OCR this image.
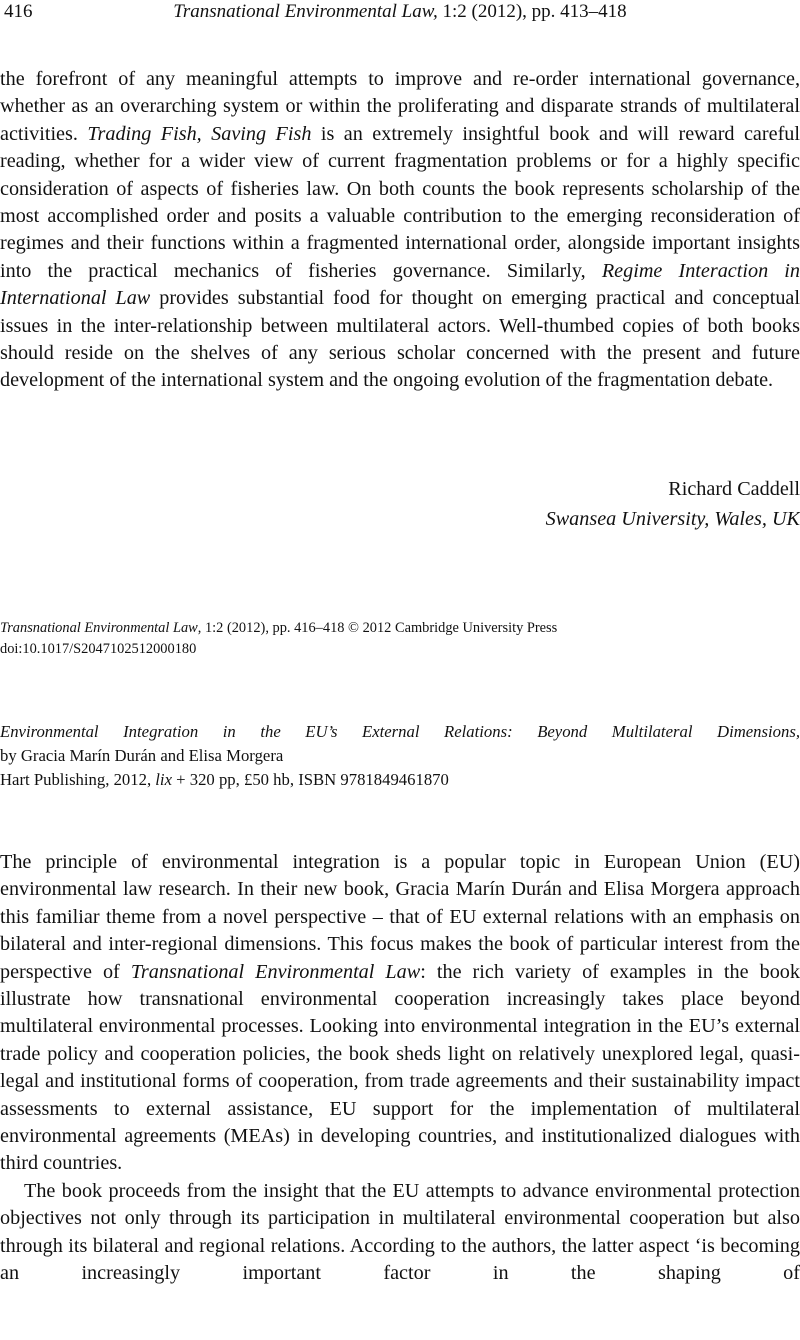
416	Transnational Environmental Law, 1:2 (2012), pp. 413–418

the forefront of any meaningful attempts to improve and re-order international governance, whether as an overarching system or within the proliferating and disparate strands of multilateral activities. Trading Fish, Saving Fish is an extremely insightful book and will reward careful reading, whether for a wider view of current fragmentation problems or for a highly specific consideration of aspects of fisheries law. On both counts the book represents scholarship of the most accomplished order and posits a valuable contribution to the emerging reconsideration of regimes and their functions within a fragmented international order, alongside important insights into the practical mechanics of fisheries governance. Similarly, Regime Interaction in International Law provides substantial food for thought on emerging practical and conceptual issues in the inter-relationship between multilateral actors. Well-thumbed copies of both books should reside on the shelves of any serious scholar concerned with the present and future development of the international system and the ongoing evolution of the fragmentation debate.

Richard Caddell
Swansea University, Wales, UK
Transnational Environmental Law, 1:2 (2012), pp. 416–418 © 2012 Cambridge University Press
doi:10.1017/S2047102512000180
Environmental Integration in the EU’s External Relations: Beyond Multilateral Dimensions,
by Gracia Marín Durán and Elisa Morgera
Hart Publishing, 2012, lix + 320 pp, £50 hb, ISBN 9781849461870

The principle of environmental integration is a popular topic in European Union (EU) environmental law research. In their new book, Gracia Marín Durán and Elisa Morgera approach this familiar theme from a novel perspective – that of EU external relations with an emphasis on bilateral and inter-regional dimensions. This focus makes the book of particular interest from the perspective of Transnational Environmental Law: the rich variety of examples in the book illustrate how transnational environmental cooperation increasingly takes place beyond multilateral environmental processes. Looking into environmental integration in the EU’s external trade policy and cooperation policies, the book sheds light on relatively unexplored legal, quasi-legal and institutional forms of cooperation, from trade agreements and their sustainability impact assessments to external assistance, EU support for the implementation of multilateral environmental agreements (MEAs) in developing countries, and institutionalized dialogues with third countries.

The book proceeds from the insight that the EU attempts to advance environmental protection objectives not only through its participation in multilateral environmental cooperation but also through its bilateral and regional relations. According to the authors, the latter aspect ‘is becoming an increasingly important factor in the shaping of
